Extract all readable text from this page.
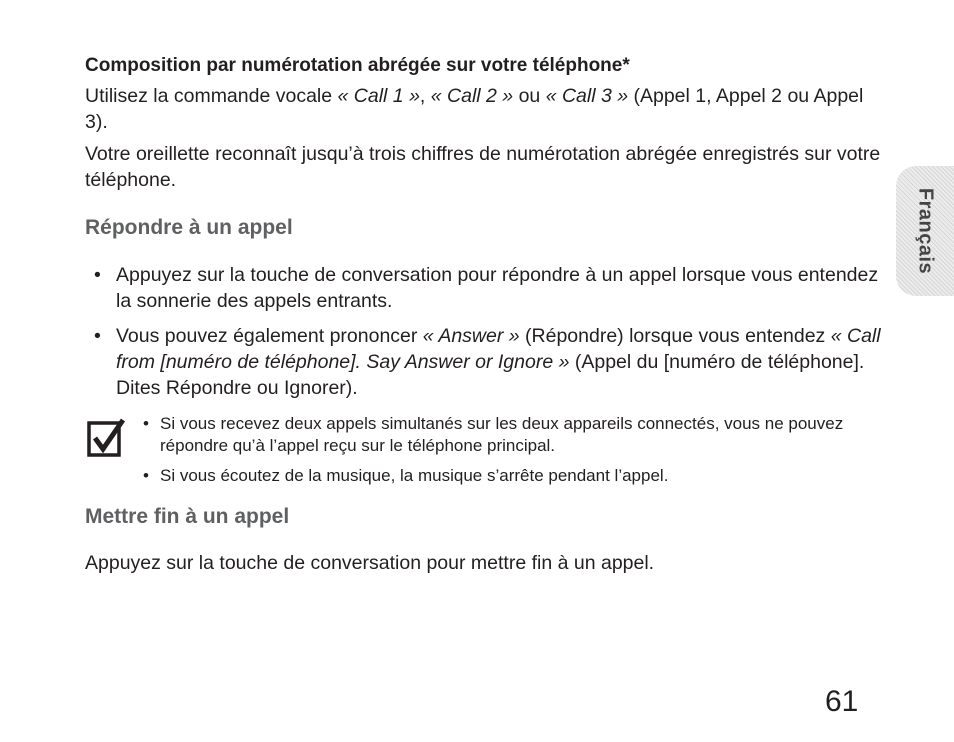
Composition par numérotation abrégée sur votre téléphone*

Utilisez la commande vocale « Call 1 », « Call 2 » ou « Call 3 » (Appel 1, Appel 2 ou Appel 3).

Votre oreillette reconnaît jusqu’à trois chiffres de numérotation abrégée enregistrés sur votre téléphone.

Répondre à un appel
• Appuyez sur la touche de conversation pour répondre à un appel lorsque vous entendez la sonnerie des appels entrants.
• Vous pouvez également prononcer « Answer » (Répondre) lorsque vous entendez « Call from [numéro de téléphone]. Say Answer or Ignore » (Appel du [numéro de téléphone]. Dites Répondre ou Ignorer).
• Si vous recevez deux appels simultanés sur les deux appareils connectés, vous ne pouvez répondre qu’à l’appel reçu sur le téléphone principal.
• Si vous écoutez de la musique, la musique s’arrête pendant l’appel.
Mettre fin à un appel

Appuyez sur la touche de conversation pour mettre fin à un appel.

Français
61
